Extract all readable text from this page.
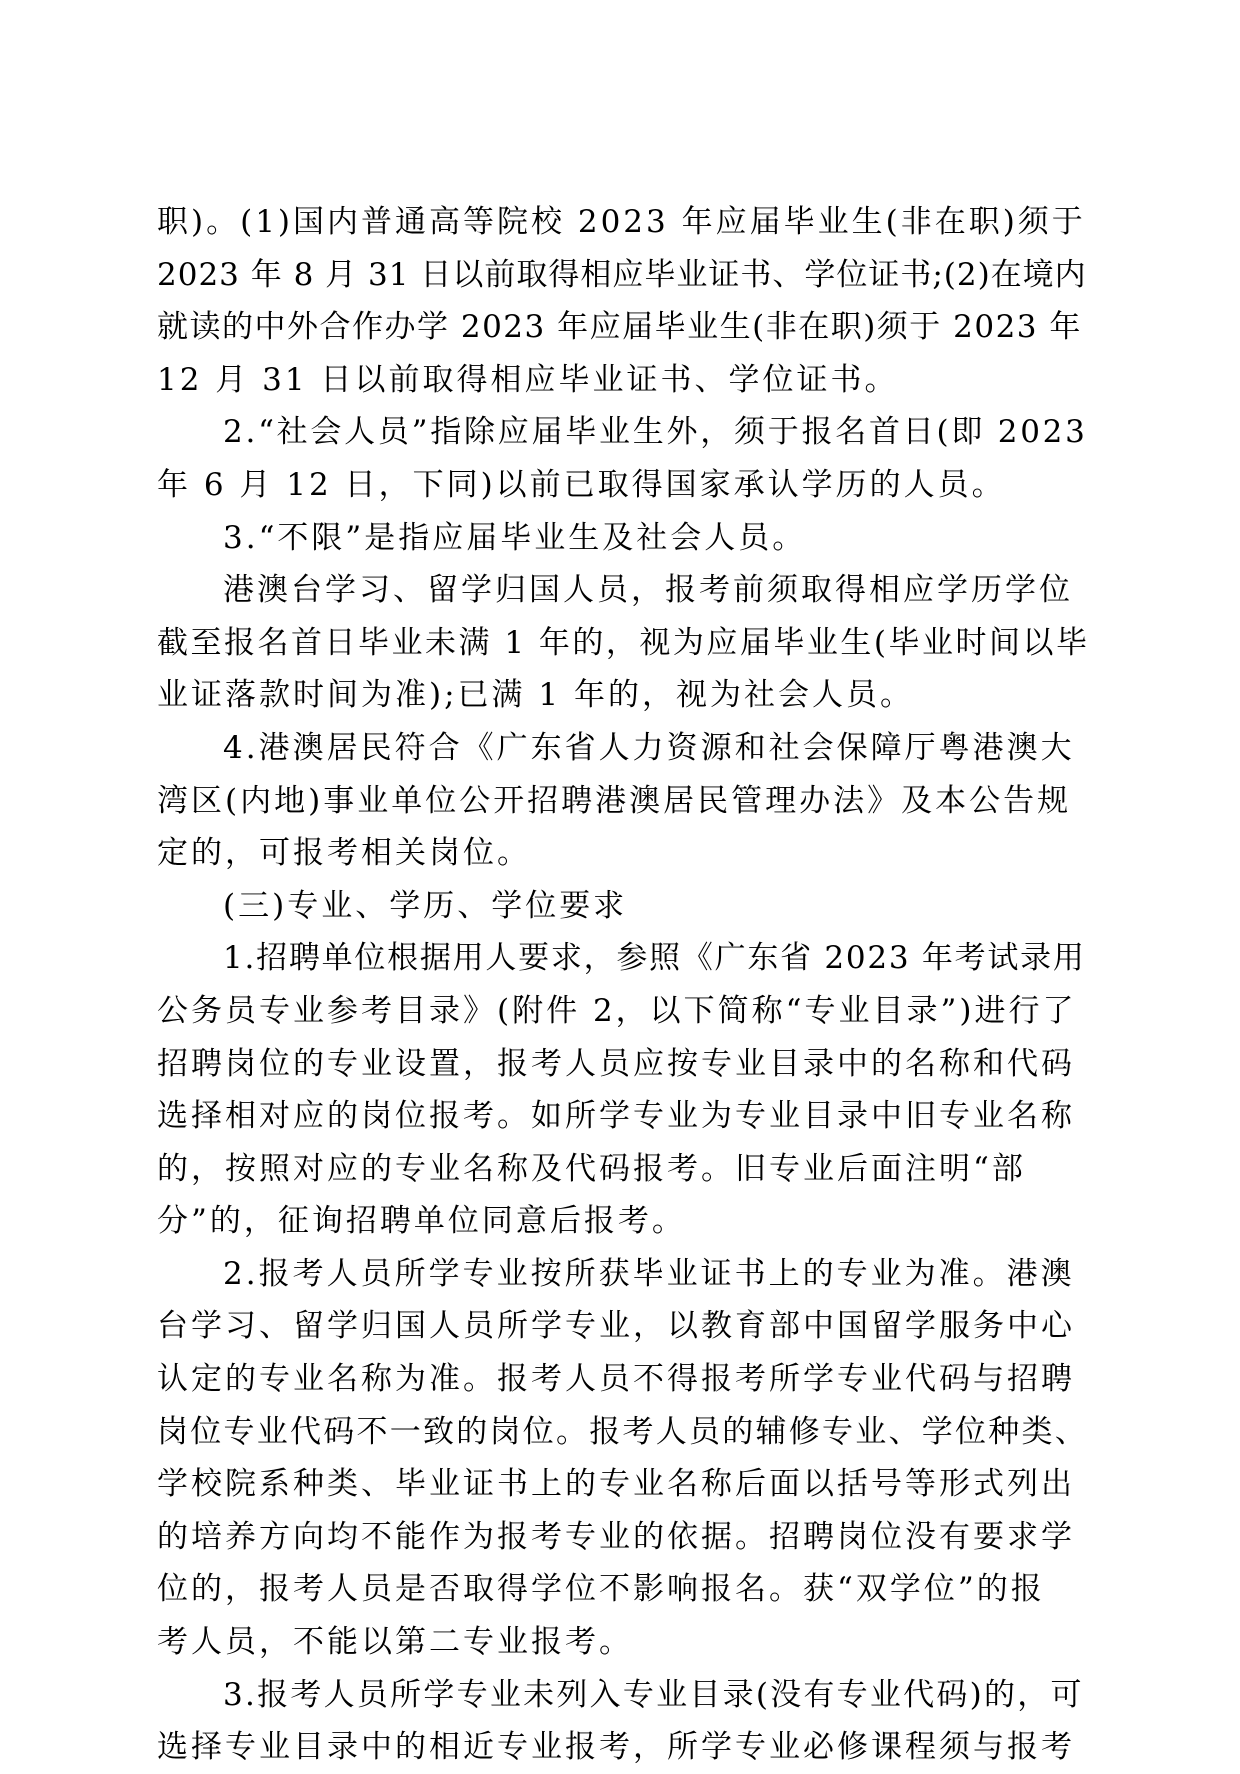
职)。(1)国内普通高等院校 2023 年应届毕业生(非在职)须于
2023 年 8 月 31 日以前取得相应毕业证书、学位证书;(2)在境内
就读的中外合作办学 2023 年应届毕业生(非在职)须于 2023 年
12 月 31 日以前取得相应毕业证书、学位证书。
2.“社会人员”指除应届毕业生外，须于报名首日(即 2023
年 6 月 12 日，下同)以前已取得国家承认学历的人员。
3.“不限”是指应届毕业生及社会人员。
港澳台学习、留学归国人员，报考前须取得相应学历学位
截至报名首日毕业未满 1 年的，视为应届毕业生(毕业时间以毕
业证落款时间为准);已满 1 年的，视为社会人员。
4.港澳居民符合《广东省人力资源和社会保障厅粤港澳大
湾区(内地)事业单位公开招聘港澳居民管理办法》及本公告规
定的，可报考相关岗位。
(三)专业、学历、学位要求
1.招聘单位根据用人要求，参照《广东省 2023 年考试录用
公务员专业参考目录》(附件 2，以下简称“专业目录”)进行了
招聘岗位的专业设置，报考人员应按专业目录中的名称和代码
选择相对应的岗位报考。如所学专业为专业目录中旧专业名称
的，按照对应的专业名称及代码报考。旧专业后面注明“部
分”的，征询招聘单位同意后报考。
2.报考人员所学专业按所获毕业证书上的专业为准。港澳
台学习、留学归国人员所学专业，以教育部中国留学服务中心
认定的专业名称为准。报考人员不得报考所学专业代码与招聘
岗位专业代码不一致的岗位。报考人员的辅修专业、学位种类、
学校院系种类、毕业证书上的专业名称后面以括号等形式列出
的培养方向均不能作为报考专业的依据。招聘岗位没有要求学
位的，报考人员是否取得学位不影响报名。获“双学位”的报
考人员，不能以第二专业报考。
3.报考人员所学专业未列入专业目录(没有专业代码)的，可
选择专业目录中的相近专业报考，所学专业必修课程须与报考
